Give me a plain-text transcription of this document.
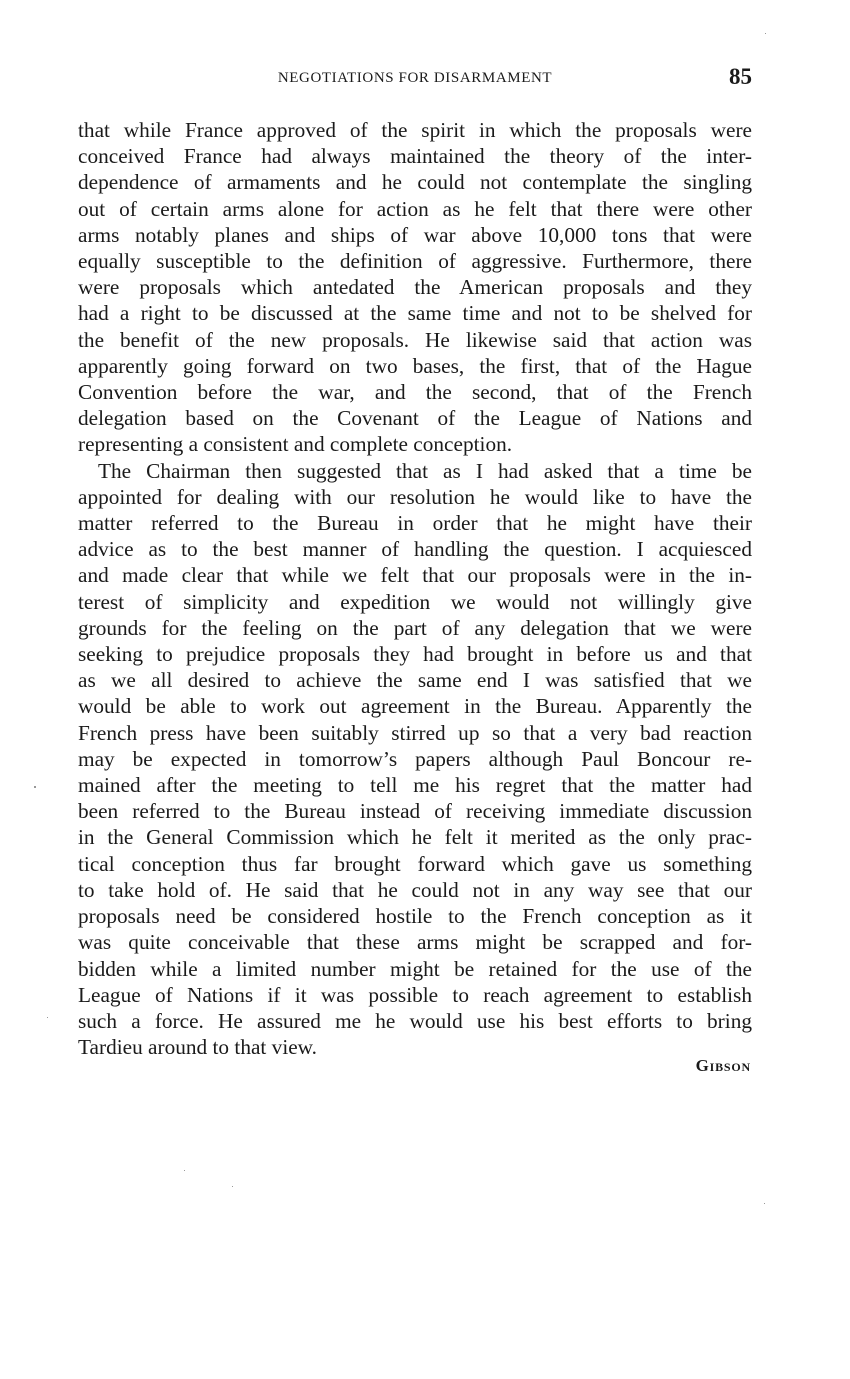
NEGOTIATIONS FOR DISARMAMENT	85
that while France approved of the spirit in which the proposals were
conceived France had always maintained the theory of the inter-
dependence of armaments and he could not contemplate the singling
out of certain arms alone for action as he felt that there were other
arms notably planes and ships of war above 10,000 tons that were
equally susceptible to the definition of aggressive. Furthermore, there
were proposals which antedated the American proposals and they
had a right to be discussed at the same time and not to be shelved for
the benefit of the new proposals. He likewise said that action was
apparently going forward on two bases, the first, that of the Hague
Convention before the war, and the second, that of the French
delegation based on the Covenant of the League of Nations and
representing a consistent and complete conception.
The Chairman then suggested that as I had asked that a time be
appointed for dealing with our resolution he would like to have the
matter referred to the Bureau in order that he might have their
advice as to the best manner of handling the question. I acquiesced
and made clear that while we felt that our proposals were in the in-
terest of simplicity and expedition we would not willingly give
grounds for the feeling on the part of any delegation that we were
seeking to prejudice proposals they had brought in before us and that
as we all desired to achieve the same end I was satisfied that we
would be able to work out agreement in the Bureau. Apparently the
French press have been suitably stirred up so that a very bad reaction
may be expected in tomorrow’s papers although Paul Boncour re-
mained after the meeting to tell me his regret that the matter had
been referred to the Bureau instead of receiving immediate discussion
in the General Commission which he felt it merited as the only prac-
tical conception thus far brought forward which gave us something
to take hold of. He said that he could not in any way see that our
proposals need be considered hostile to the French conception as it
was quite conceivable that these arms might be scrapped and for-
bidden while a limited number might be retained for the use of the
League of Nations if it was possible to reach agreement to establish
such a force. He assured me he would use his best efforts to bring
Tardieu around to that view.
Gibson
